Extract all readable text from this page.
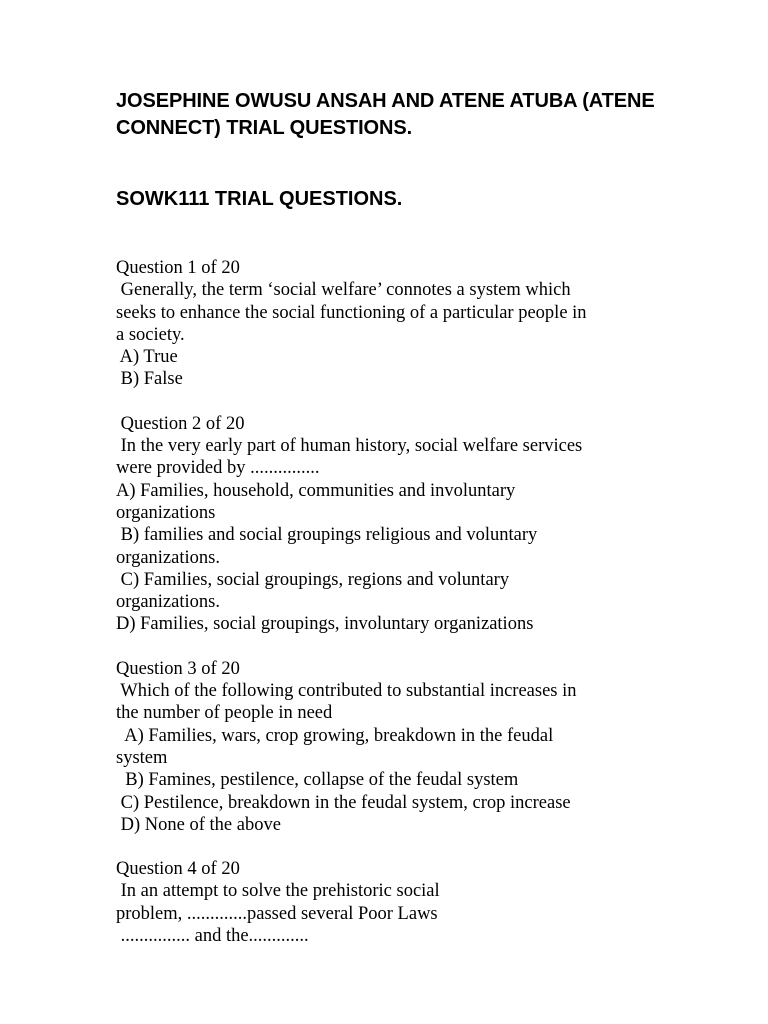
JOSEPHINE OWUSU ANSAH AND ATENE ATUBA (ATENE
CONNECT) TRIAL QUESTIONS.
SOWK111 TRIAL QUESTIONS.
Question 1 of 20
Generally, the term ‘social welfare’ connotes a system which
seeks to enhance the social functioning of a particular people in
a society.
A) True
B) False
Question 2 of 20
In the very early part of human history, social welfare services
were provided by ...............
A) Families, household, communities and involuntary
organizations
B) families and social groupings religious and voluntary
organizations.
C) Families, social groupings, regions and voluntary
organizations.
D) Families, social groupings, involuntary organizations
Question 3 of 20
Which of the following contributed to substantial increases in
the number of people in need
A) Families, wars, crop growing, breakdown in the feudal
system
B) Famines, pestilence, collapse of the feudal system
C) Pestilence, breakdown in the feudal system, crop increase
D) None of the above
Question 4 of 20
In an attempt to solve the prehistoric social
problem, .............passed several Poor Laws
............... and the.............
